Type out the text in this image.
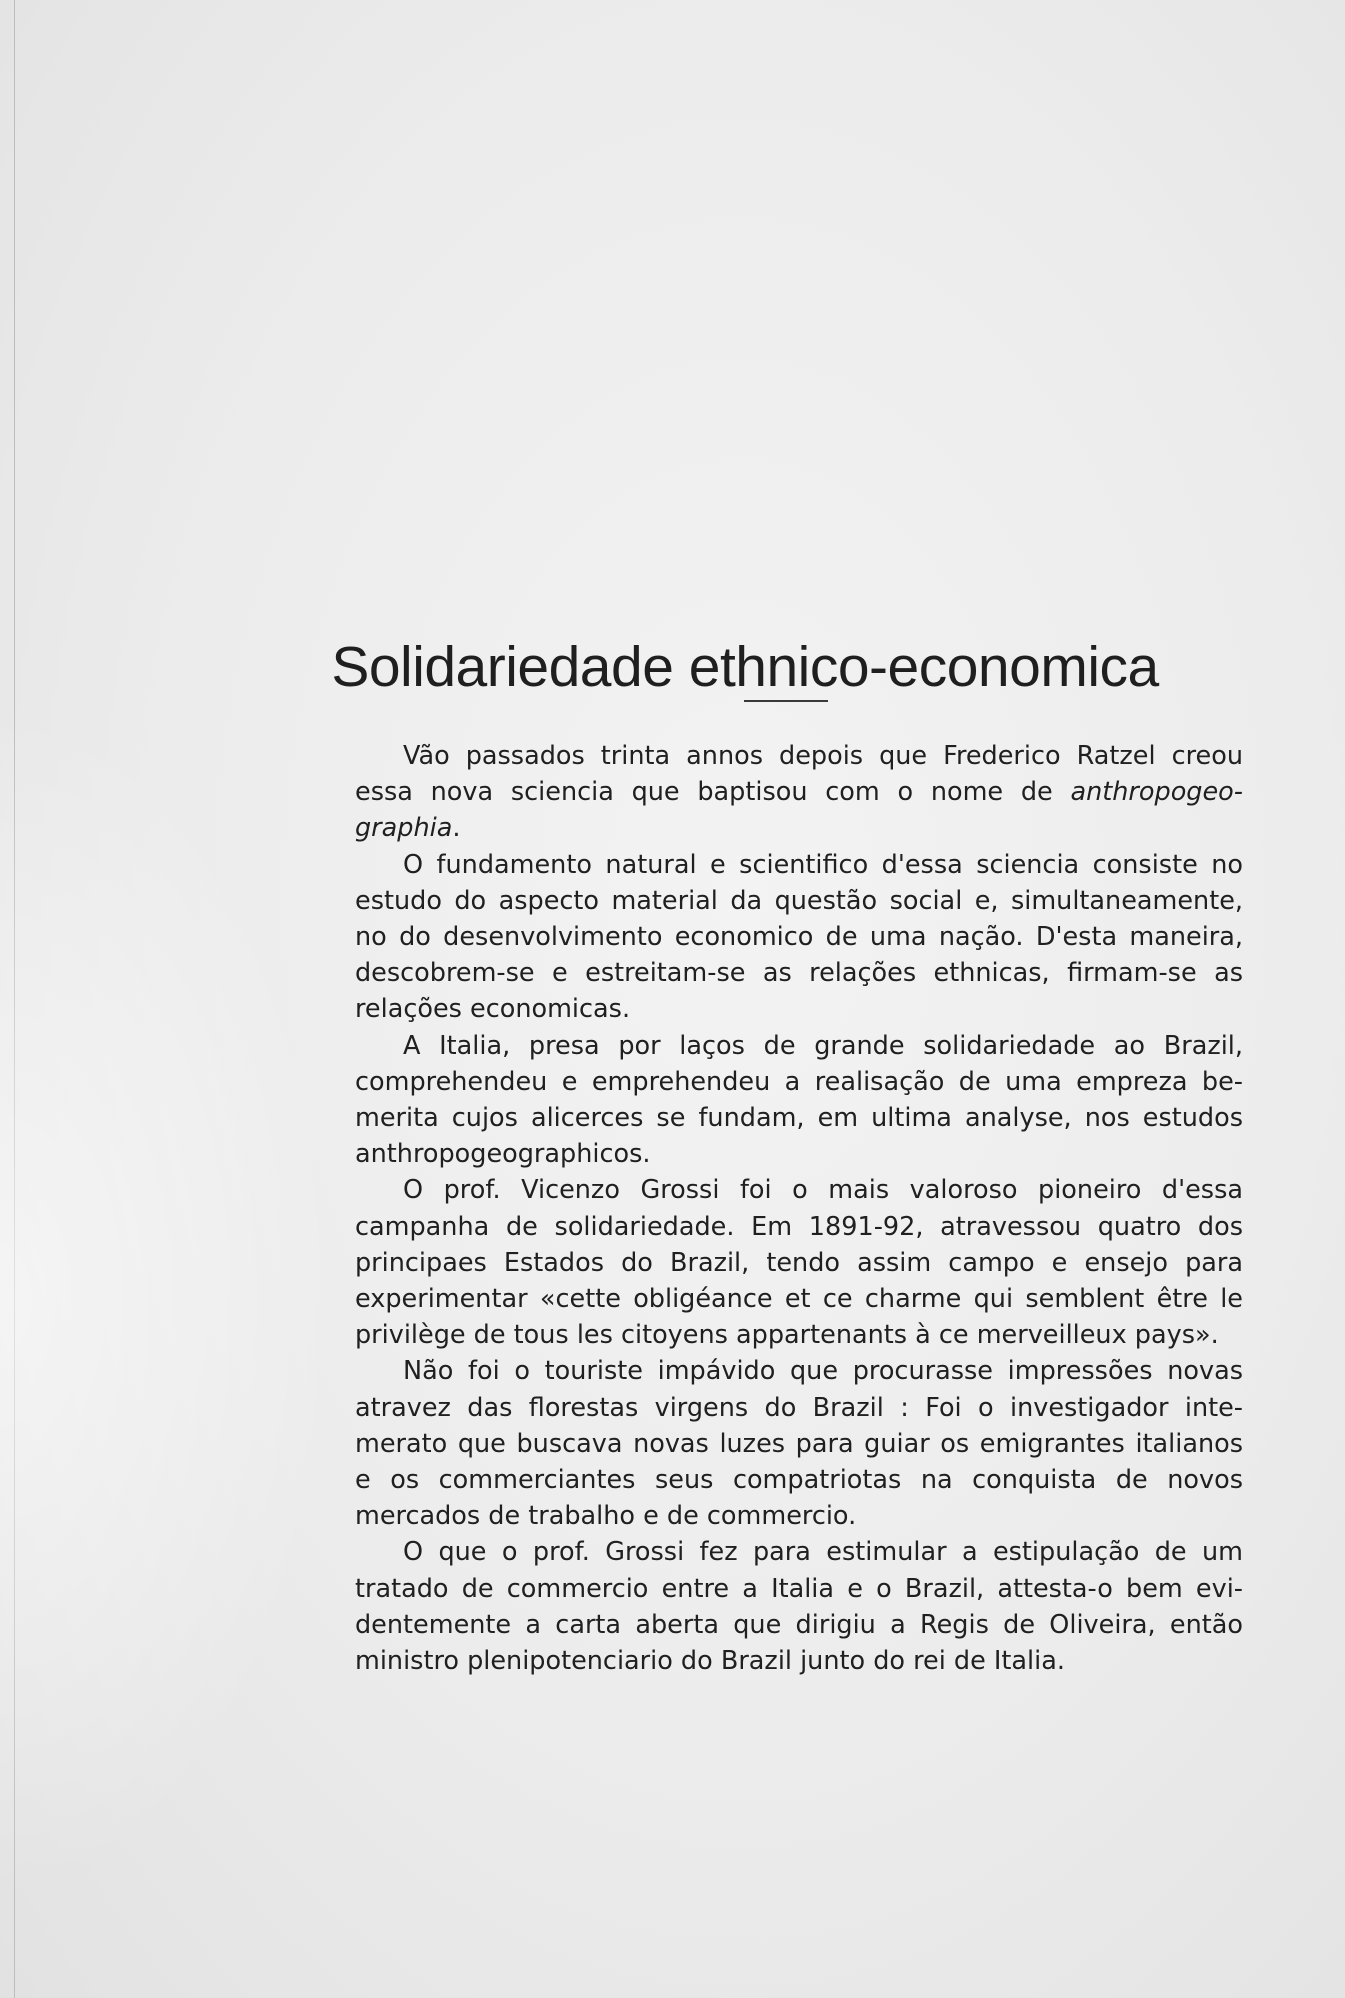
Solidariedade ethnico-economica

Vão passados trinta annos depois que Frederico Ratzel creou essa nova sciencia que baptisou com o nome de anthropogeographia.

O fundamento natural e scientifico d'essa sciencia consiste no estudo do aspecto material da questão social e, simultaneamente, no do desenvolvimento economico de uma nação. D'esta maneira, descobrem-se e estreitam-se as relações ethnicas, firmam-se as relações economicas.

A Italia, presa por laços de grande solidariedade ao Brazil, comprehendeu e emprehendeu a realisação de uma empreza bemerita cujos alicerces se fundam, em ultima analyse, nos estudos anthropogeographicos.

O prof. Vicenzo Grossi foi o mais valoroso pioneiro d'essa campanha de solidariedade. Em 1891-92, atravessou quatro dos principaes Estados do Brazil, tendo assim campo e ensejo para experimentar «cette obligéance et ce charme qui semblent être le privilège de tous les citoyens appartenants à ce merveilleux pays».

Não foi o touriste impávido que procurasse impressões novas atravez das florestas virgens do Brazil : Foi o investigador intemerato que buscava novas luzes para guiar os emigrantes italianos e os commerciantes seus compatriotas na conquista de novos mercados de trabalho e de commercio.

O que o prof. Grossi fez para estimular a estipulação de um tratado de commercio entre a Italia e o Brazil, attesta-o bem evidentemente a carta aberta que dirigiu a Regis de Oliveira, então ministro plenipotenciario do Brazil junto do rei de Italia.
